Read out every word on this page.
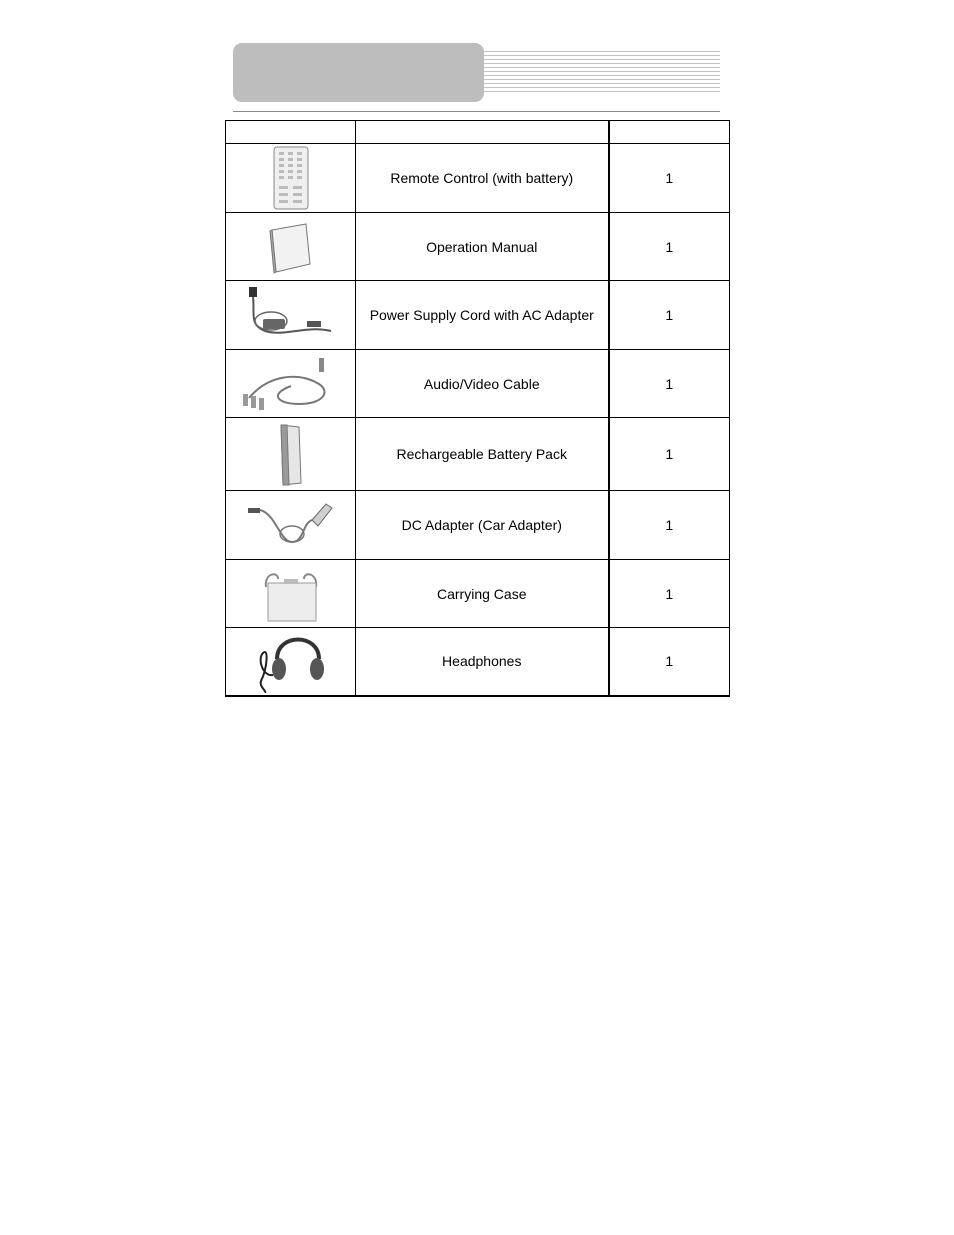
	Remote Control (with battery)	1

	Operation Manual	1

	Power Supply Cord with AC Adapter	1

	Audio/Video Cable	1

	Rechargeable Battery Pack	1

	DC Adapter (Car Adapter)	1

	Carrying Case	1

	Headphones	1
